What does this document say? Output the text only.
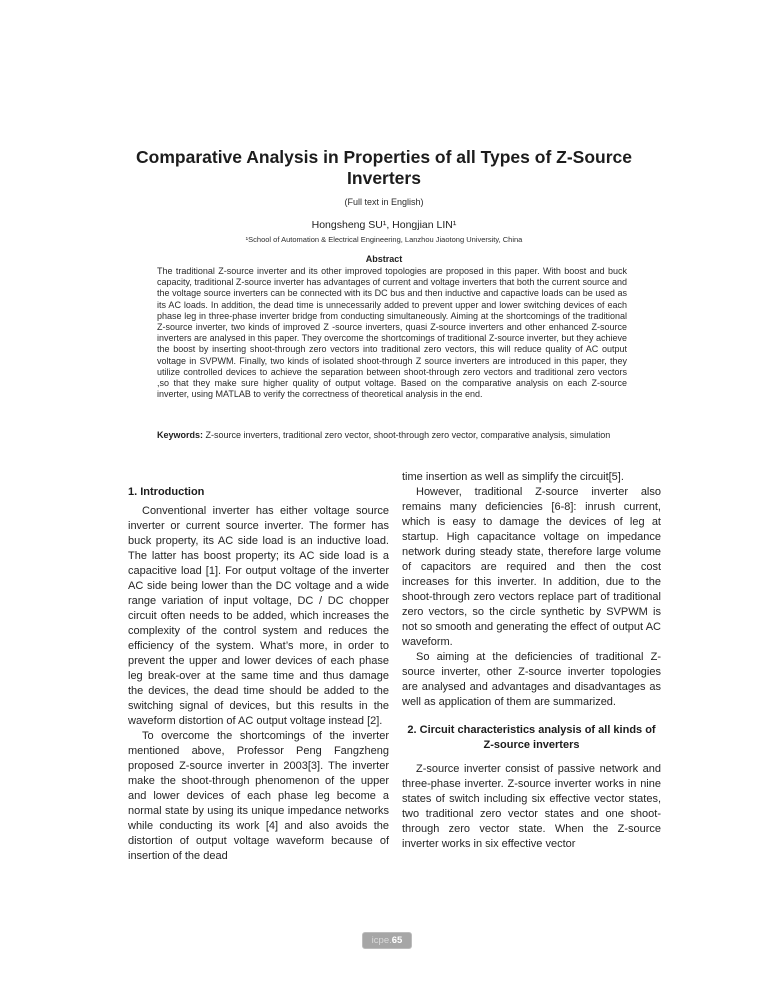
Comparative Analysis in Properties of all Types of Z-Source Inverters
(Full text in English)
Hongsheng SU¹, Hongjian LIN¹
¹School of Automation & Electrical Engineering, Lanzhou Jiaotong University, China
Abstract
The traditional Z-source inverter and its other improved topologies are proposed in this paper. With boost and buck capacity, traditional Z-source inverter has advantages of current and voltage inverters that both the current source and the voltage source inverters can be connected with its DC bus and then inductive and capactive loads can be used as its AC loads. In addition, the dead time is unnecessarily added to prevent upper and lower switching devices of each phase leg in three-phase inverter bridge from conducting simultaneously. Aiming at the shortcomings of the traditional Z-source inverter, two kinds of improved Z -source inverters, quasi Z-source inverters and other enhanced Z-source inverters are analysed in this paper. They overcome the shortcomings of traditional Z-source inverter, but they achieve the boost by inserting shoot-through zero vectors into traditional zero vectors, this will reduce quality of AC output voltage in SVPWM. Finally, two kinds of isolated shoot-through Z source inverters are introduced in this paper, they utilize controlled devices to achieve the separation between shoot-through zero vectors and traditional zero vectors ,so that they make sure higher quality of output voltage. Based on the comparative analysis on each Z-source inverter, using MATLAB to verify the correctness of theoretical analysis in the end.

Keywords: Z-source inverters, traditional zero vector, shoot-through zero vector, comparative analysis, simulation

1. Introduction

Conventional inverter has either voltage source inverter or current source inverter. The former has buck property, its AC side load is an inductive load. The latter has boost property; its AC side load is a capacitive load [1]. For output voltage of the inverter AC side being lower than the DC voltage and a wide range variation of input voltage, DC / DC chopper circuit often needs to be added, which increases the complexity of the control system and reduces the efficiency of the system. What’s more, in order to prevent the upper and lower devices of each phase leg break-over at the same time and thus damage the devices, the dead time should be added to the switching signal of devices, but this results in the waveform distortion of AC output voltage instead [2].

To overcome the shortcomings of the inverter mentioned above, Professor Peng Fangzheng proposed Z-source inverter in 2003[3]. The inverter make the shoot-through phenomenon of the upper and lower devices of each phase leg become a normal state by using its unique impedance networks while conducting its work [4] and also avoids the distortion of output voltage waveform because of insertion of the dead

time insertion as well as simplify the circuit[5].

However, traditional Z-source inverter also remains many deficiencies [6-8]: inrush current, which is easy to damage the devices of leg at startup. High capacitance voltage on impedance network during steady state, therefore large volume of capacitors are required and then the cost increases for this inverter. In addition, due to the shoot-through zero vectors replace part of traditional zero vectors, so the circle synthetic by SVPWM is not so smooth and generating the effect of output AC waveform.

So aiming at the deficiencies of traditional Z-source inverter, other Z-source inverter topologies are analysed and advantages and disadvantages as well as application of them are summarized.

2. Circuit characteristics analysis of all kinds of Z-source inverters

Z-source inverter consist of passive network and three-phase inverter. Z-source inverter works in nine states of switch including six effective vector states, two traditional zero vector states and one shoot-through zero vector state. When the Z-source inverter works in six effective vector

icpe. 65
